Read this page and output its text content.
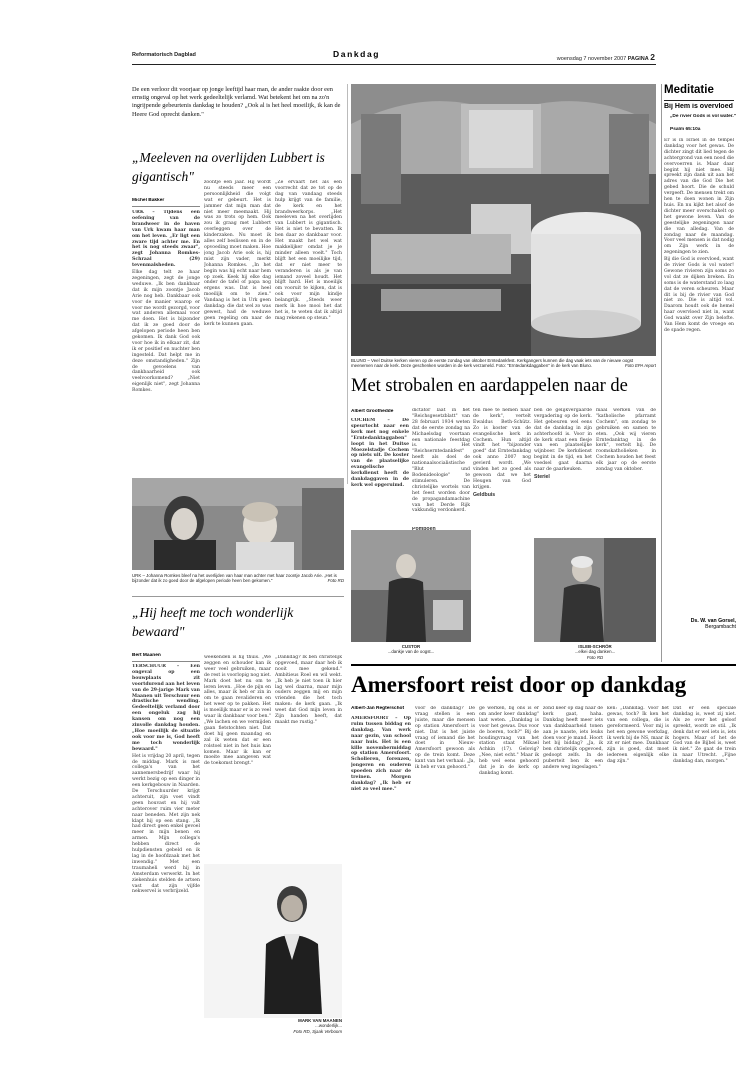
Reformatorisch Dagblad	Dankdag	woensdag 7 november 2007 PAGINA 2
De een verloor dit voorjaar op jonge leeftijd haar man, de ander raakte door een ernstig ongeval op het werk gedeeltelijk verlamd. Wat betekent het om na zo'n ingrijpende gebeurtenis dankdag te houden? „Ook al is het heel moeilijk, ik kan de Heere God oprecht danken."
„Meeleven na overlijden Lubbert is gigantisch"
Michel Bakker

URK – Tijdens een oefening van de brandweer in de haven van Urk kwam haar man om het leven. „Er ligt een zware tijd achter me. En het is nog steeds zwaar", zegt Johanna Romkes-Schraal (29) tevenmalsheden.

Elke dag telt ze haar zegeningen, zegt de jonge weduwe. „Ik ben dankbaar dat ik mijn zoontje Jacob Arie nog heb. Dankbaar ook voor de manier waarop er voor me wordt gezorgd, voor wat anderen allemaal voor me doen. Het is bijzonder dat ik ze goed door de afgelopen periode heen ben gekomen. Ik dank God ook voor hoe ik in elkaar zit, dat ik er positief en nuchter ben ingesteld. Dat helpt me in deze omstandigheden." Zijn de gevoelens van dankbaarheid ook veelvoorkomend? „Niet eigenlijk niet", zegt Johanna Romkes.

zoontje een jaar. Hij wordt nu steeds meer een persoonlijkheid die volgt wat er gebeurt. Het is jammer dat mijn man dat niet meer meemaakt. Hij was zo trots op hem. Ook zou ik graag met Lubbert overleggen over de kinderzaken. Nu moet ik alles zelf beslissen en in de opvoeding moet maken. Hoe jong Jacob Arie ook is, hij mist zijn vader, merkt Johanna Romkes. „In het begin was hij echt naar hem op zoek. Keek hij elke dag onder de tafel of papa nog ergens was. Dat is heel moeilijk om te zien." Vandaag is het in Urk geen dankdag: die dat wel zo was gewest, had de weduwe geen regeling om naar de kerk te kunnen gaan.
„Ze ervaart het als een voorrecht dat ze tot op de dag van vandaag steeds hulp krijgt van de familie, de kerk en het brandweerkorps. „Het meeleven na het overlijden van Lubbert is gigantisch. Het is niet te bevatten. Ik ben daar zo dankbaar voor. Het maakt het wel wat makkelijker omdat je je minder alleen voelt." Toch blijft het een moeilijke tijd, dat er niet meer te veranderen is als je van iemand zoveel houdt. Het blijft hard. Het is moeilijk om vooruit te kijken, dat is ook voor mijn kindje belangrijk. „Steeds weer merk ik hoe mooi het dat het is, te weten dat ik altijd mag rekenen op steun."
URK – Johanna Romkes bleef na het overlijden van haar man achter met haar zoontje Jacob Arie. „Het is bijzonder dat ik zo goed door de afgelopen periode heen ben gekomen."	Foto RD
„Hij heeft me toch wonderlijk bewaard"
Bert Maanen

TERSCHUUR – Een ongeval op een bouwplaats zit voortdurend aan het leven van de 29-jarige Mark van Maanen uit Terschuur een drastische wending. Gedeeltelijk verlamd door een ongeluk zag hij kansen om nog een zinvolle dankdag houden. „Hoe moeilijk de situatie ook voor me is, God heeft me toch wonderlijk bewaard."

Het is vrijdag 20 april, tegen de middag. Mark is met collega's van het aannemersbedrijf waar hij werkt bezig op een dinger in een kerkgebouw in Naarden. De Terschuurder krijgt achteruit, zijn voet vindt geen houvast en hij valt achterover ruim vier meter naar beneden. Met zijn nek klapt hij op een stang. „Ik had direct geen enkel gevoel meer in mijn benen en armen. Mijn collega's hebben direct de hulpdiensten gebeld en ik lag in de hoofdzaak met het inwendig." Met een traumaheli werd hij in Amsterdam verwerkt. In het ziekenhuis stelden de artsen vast dat zijn vijfde nekwervel is verbrijzeld.

weekenden is hij thuis. „We zeggen en schouder kan ik weer veel gebruiken, maar de rest is voorlopig nog niet. Mark doet het nu om te leren leven. „Hoe de pijn en alles, maar ik heb er zin in om te gaan revalideren en het weer op te pakken. Het is moeilijk maar er is zo veel waar ik dankbaar voor ben." „We lachen en we vermijden gaan fietstochten niet. Dat doet hij geen maandag en zal ik weten dat er een rolstoel niet in het huis kan komen. Maar ik kan er moeite mee aangeven wat de toekomst brengt."
„Dankdag? Ik ben christelijk opgevoed, maar daar heb ik nooit mee gekend." Ambitieus Roel en wil wekt. „Ik heb je niet toen ik hier lag wel daarna, maar mijn ouders zeggen mij en mijn vrienden die het toch maken: de kerk gaan. „Ik weet dat God mijn leven in Zijn handen heeft, dat maakt me rustig."
MARK VAN MAANEN
...wonderlijk...
Foto RD, Sjaak Verboom
BLUNO – Veel Duitse kerken vieren op de eerste zondag van oktober Erntedankfest. Kerkgangers kunnen die dag vaak iets van de nieuwe oogst meenemen naar de kerk. Deze geschenken worden in de kerk verzameld. Foto: "Erntedankdaggaben" in de kerk van Bluno.	Foto EPA report
Met strobalen en aardappelen naar de
Albert Groothedde

COCHEM – De speurtocht naar een kerk met nog enkele "Erntedanktaggaben" loopt in het Duitse Moezelstadje Cochem op niets uit. De koster van de plaatselijke evangelische kerkdienst heeft de dankdaggaven in de kerk wel opgeruimd.

dictator laat in het "Reichsgesetzblatt" van 28 februari 1934 weten dat de eerste zondag na Michaelsdag voortaan een nationale feestdag is. Het "Reichserntedankfest" heeft als doel de nationaalsocialistische "Blut und Bodenideologie" te stimuleren. De christelijke wortels van het feest worden door de propagandamachine van het Derde Rijk vakkundig verdonkerd.

ten mee te nemen naar de kerk", vertelt Ewaldus Beth-Schütz. Zo is koster van de evangelische kerk in Cochem. Hun altijd vindt het "bijzonder goed" dat Erntedankdag ook anno 2007 nog gevierd wordt. „We vinden het zo goed als gewoon dat we het Heugen van God krijgen.

Geldbuis

ben de gelijkvergaarde vergadering op de kerk. Het gebeuren wel eens dat de dankdag in zijn achterhoofd is. Voor in de kerk staat een flesje van een plaatselijke wijnboer. De kerkdienst begint in de tijd, en het voedsel gaat daarna naar de gaarkeuken.

Steriel

maal werken van de "katholische pfarramt Cochem", om zondag te gebruiken en samen te eten. „Ook wij vieren Erntedanktag in de kerk", vertelt hij. De roomskatholieken in Cochem houden het feest elk jaar op de eerste zondag van oktober.

CUSTOR
...dankje van de oogst...
ISLEB-SCHRÖR
...elkei dag danken...
Foto RD
Meditatie
Bij Hem is overvloed
„De rivier Gods is vol water."
Psalm 65:10a

Er is in Israël in de tempel dankdag voor het gewas. De dichter zingt dit lied tegen de achtergrond van een nood die overvoerren is. Maar daar begint hij niet mee. Hij spreekt zijn dank uit aan het adres van die God Die het gebed hoort. Die de schuld vergeeft. De mensen trekt om hen te doen wonen in Zijn huis. En nu kijkt het alsof de dichter meer overschakelt op het gewone leven. Van de geestelijke zegeningen naar die van alledag. Van de zondag naar de maandag. Voor veel mensen is dat nodig om Zijn werk in de zegeningen te zien.

Bij die God is overvloed, want de rivier Gods is vol water! Gewone rivieren zijn soms zo vol dat ze dijken breken. En soms is de waterstand zo laag dat de veren scheuren. Maar dit is bij de rivier van God niet zo. Die is altijd vol. Daarom houdt ook de hemel haar overvloed niet in, want God waakt over Zijn belofte. Van Hem komt de vroege en de spade regen.

Ds. W. van Gorsel,
Bergambacht
Amersfoort reist door op dankdag
Albert-Jan Regterschot

AMERSFOORT – Op ruim tussen biddag en dankdag. Van werk naar gezin, van school naar huis. Het is een kille novembermiddag op station Amersfoort. Scholieren, forenzen, jongeren en ouderen spoeden zich naar de treinen. Morgen dankdag? „Ik heb er niet zo veel mee."

voor de dankdag? De vraag stellen is een juiste, maar die mensen op station Amersfoort is niet. Dat is het juiste vraag of iemand die het doet in Nieuw-Amersfoort gewoon als op de trein komt. Deze kant van het verhaal: „Ja, ik heb er van gehoord."
ge werken, bij ons is er om ander keer dankdag" laat weten. „Dankdag is voor het gewas. Dus voor de boeren, toch?" Bij de houdingvraag van het station staat Mikael Achkin (17). Gelovig? „Nee, niet echt." Maar ik heb wel eens gehoord dat je in de kerk op dankdag komt.
zond keer op dag naar de kerk gaat, haha. Dankdag heeft meer iets van dankbaarheid tonen aan je naaste, iets leuks doen voor je mand. Hoort het bij biddag? „Ja, ik ben christelijk opgevoed, gedoopt zelfs. In de puberteit ben ik een andere weg ingeslagen."
ken: „Dankdag. Voor het gewas, toch? Ik ken het van een collega, die is gereformeerd. Voor mij is het een gewone werkdag, ik werk bij de NS, maar ik zit er niet mee. Dankbaar zijn is goed, dat moet iedereen eigenlijk elke dag zijn."
Dat er een speciale dankdag is, weet zij niet. Als ze over het geloof spreekt, wordt ze stil. „Ik denk dat er wel iets is, iets hogers. Maar of het de God van de Bijbel is, weet ik niet." Ze gaat de trein in naar Utrecht. „Fijne dankdag dan, morgen."
